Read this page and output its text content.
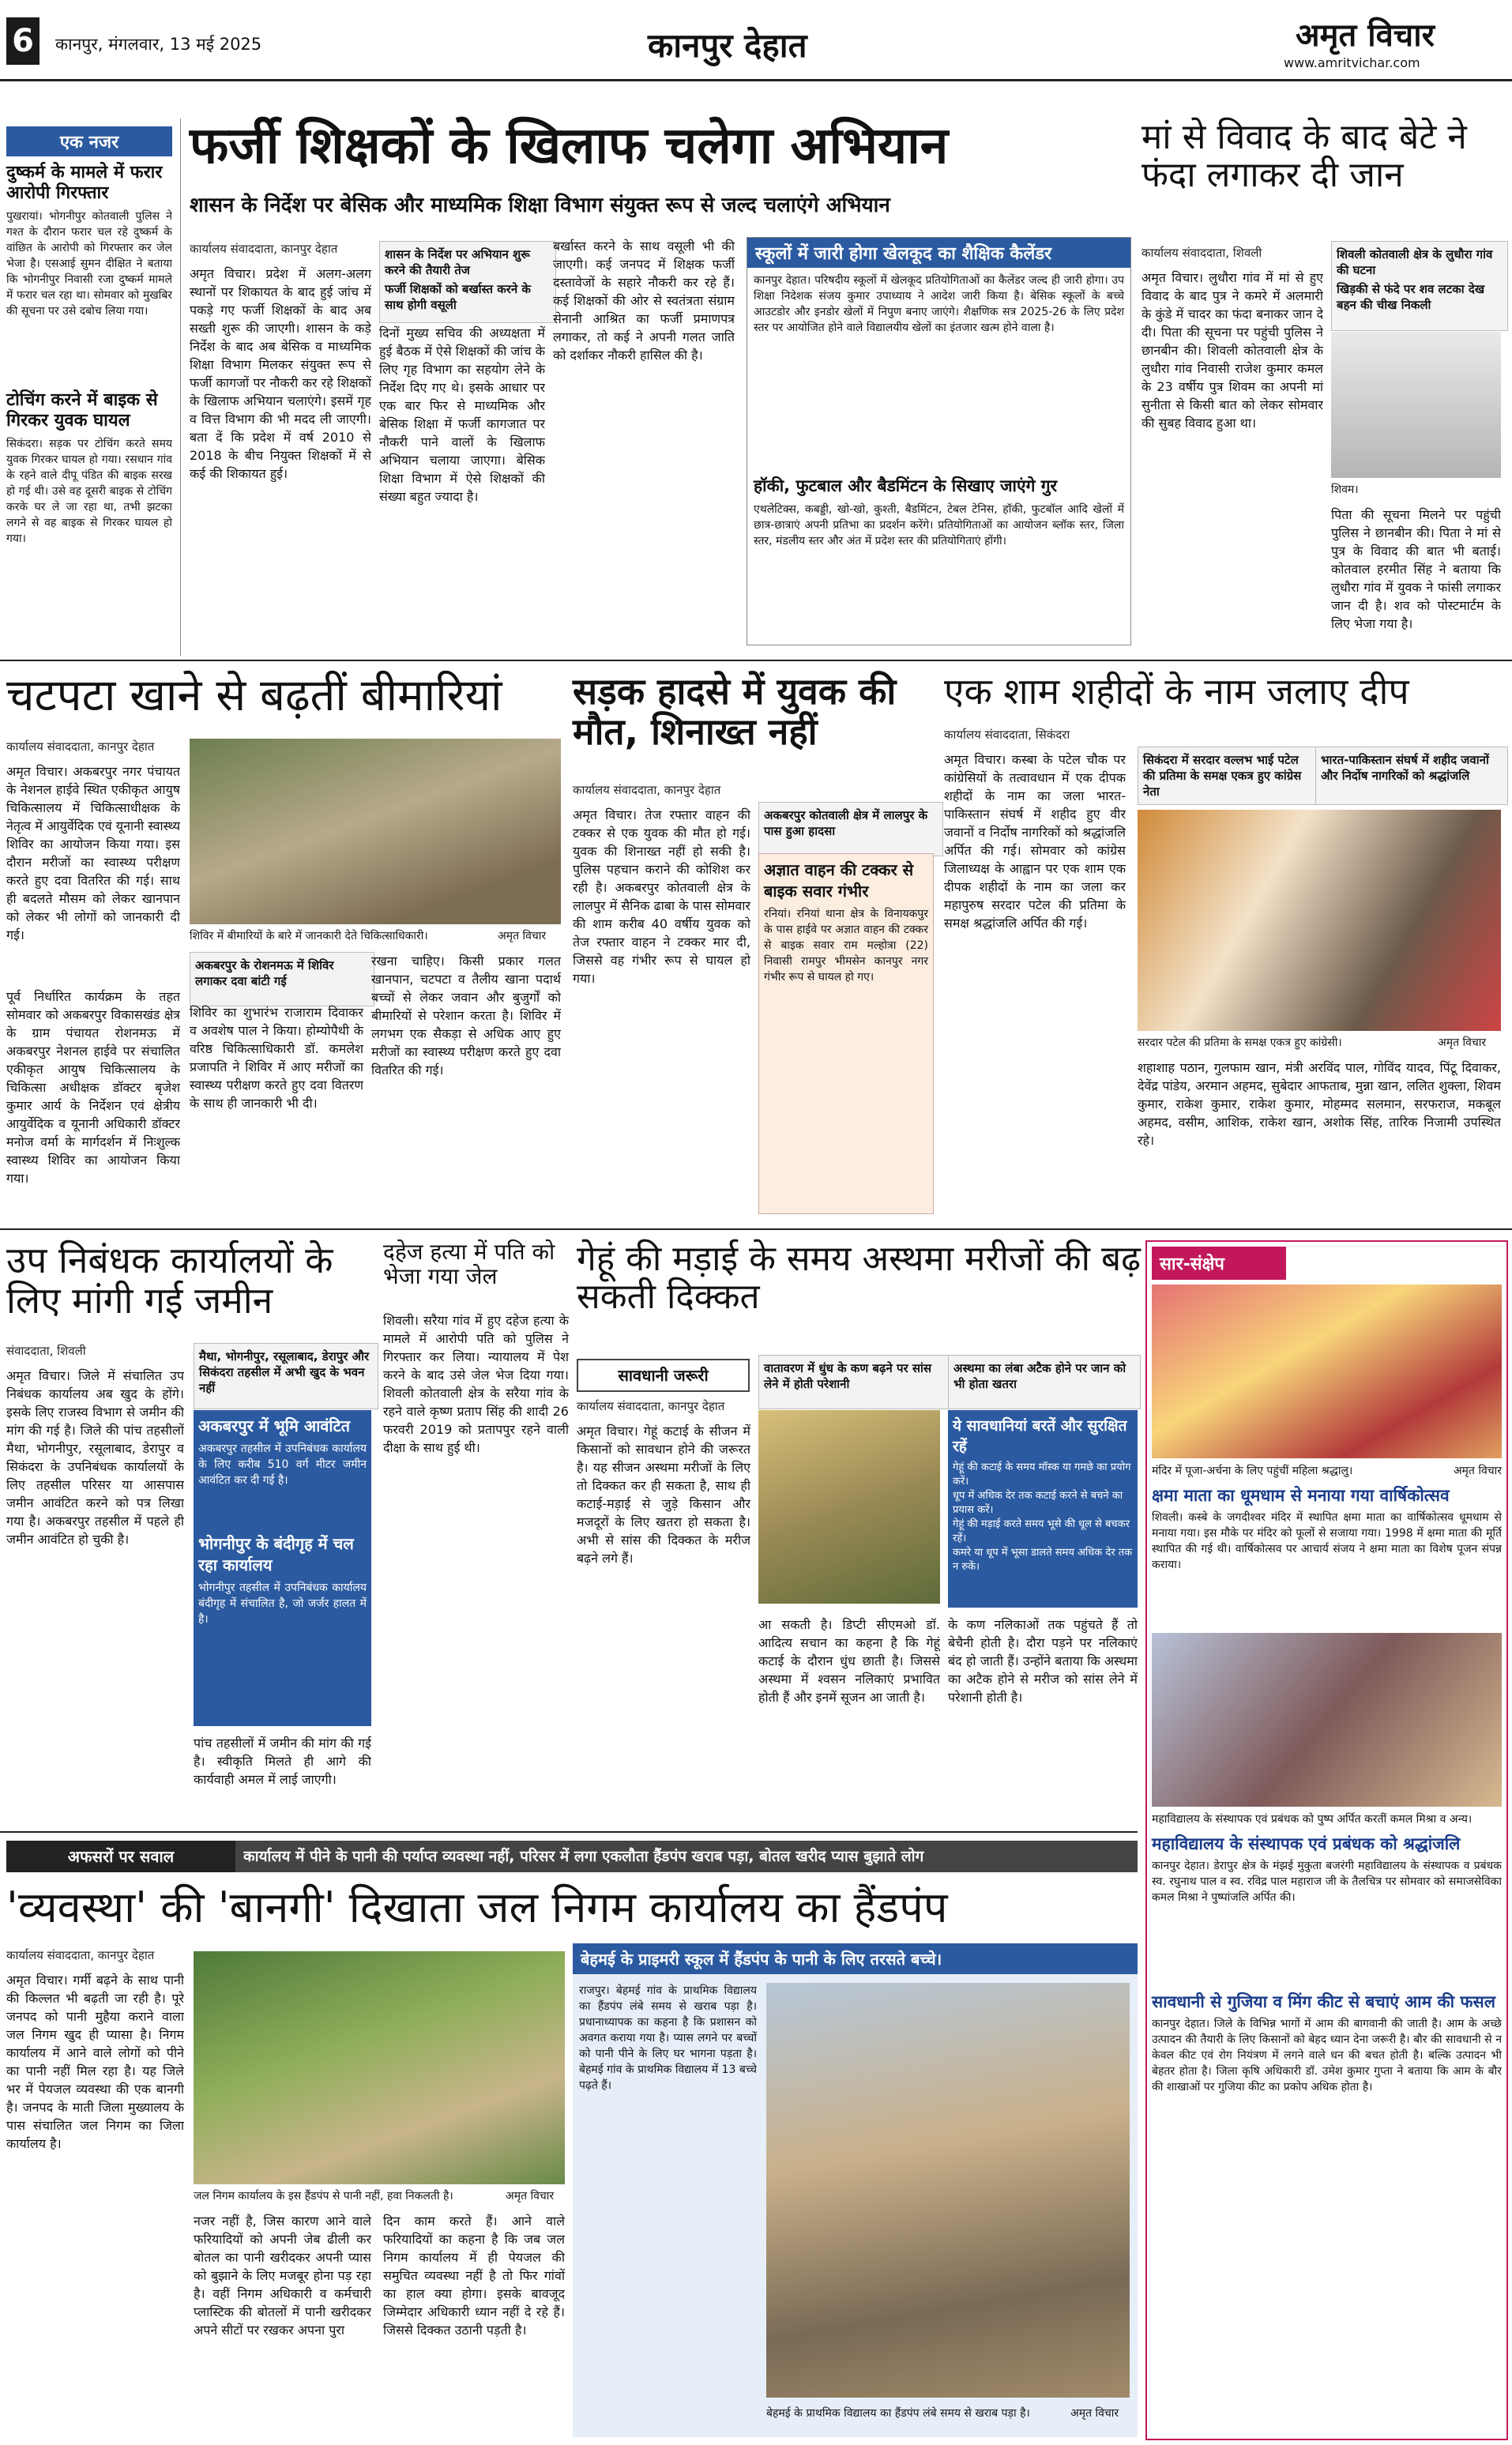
6	कानपुर, मंगलवार, 13 मई 2025	कानपुर देहात	अमृत विचार
www.amritvichar.com
एक नजर
दुष्कर्म के मामले में फरार आरोपी गिरफ्तार
पुखरायां। भोगनीपुर कोतवाली पुलिस ने गश्त के दौरान फरार चल रहे दुष्कर्म के वांछित के आरोपी को गिरफ्तार कर जेल भेजा है। एसआई सुमन दीक्षित ने बताया कि भोगनीपुर निवासी रजा दुष्कर्म मामले में फरार चल रहा था। सोमवार को मुखबिर की सूचना पर उसे दबोच लिया गया।
टोचिंग करने में बाइक से गिरकर युवक घायल
सिकंदरा। सड़क पर टोचिंग करते समय युवक गिरकर घायल हो गया। रसधान गांव के रहने वाले दीपू पंडित की बाइक सरख हो गई थी। उसे वह दूसरी बाइक से टोचिंग करके घर ले जा रहा था, तभी झटका लगने से वह बाइक से गिरकर घायल हो गया।
फर्जी शिक्षकों के खिलाफ चलेगा अभियान
शासन के निर्देश पर बेसिक और माध्यमिक शिक्षा विभाग संयुक्त रूप से जल्द चलाएंगे अभियान
कार्यालय संवाददाता, कानपुर देहात
अमृत विचार। प्रदेश में अलग-अलग स्थानों पर शिकायत के बाद हुई जांच में पकड़े गए फर्जी शिक्षकों के बाद अब सख्ती शुरू की जाएगी। शासन के कड़े निर्देश के बाद अब बेसिक व माध्यमिक शिक्षा विभाग मिलकर संयुक्त रूप से फर्जी कागजों पर नौकरी कर रहे शिक्षकों के खिलाफ अभियान चलाएंगे। इसमें गृह व वित्त विभाग की भी मदद ली जाएगी। बता दें कि प्रदेश में वर्ष 2010 से 2018 के बीच नियुक्त शिक्षकों में से कई की शिकायत हुई।
शासन के निर्देश पर अभियान शुरू करने की तैयारी तेज
फर्जी शिक्षकों को बर्खास्त करने के साथ होगी वसूली
दिनों मुख्य सचिव की अध्यक्षता में हुई बैठक में ऐसे शिक्षकों की जांच के लिए गृह विभाग का सहयोग लेने के निर्देश दिए गए थे। इसके आधार पर एक बार फिर से माध्यमिक और बेसिक शिक्षा में फर्जी कागजात पर नौकरी पाने वालों के खिलाफ अभियान चलाया जाएगा। बेसिक शिक्षा विभाग में ऐसे शिक्षकों की संख्या बहुत ज्यादा है।
बर्खास्त करने के साथ वसूली भी की जाएगी। कई जनपद में शिक्षक फर्जी दस्तावेजों के सहारे नौकरी कर रहे हैं। कई शिक्षकों की ओर से स्वतंत्रता संग्राम सेनानी आश्रित का फर्जी प्रमाणपत्र लगाकर, तो कई ने अपनी गलत जाति को दर्शाकर नौकरी हासिल की है।
स्कूलों में जारी होगा खेलकूद का शैक्षिक कैलेंडर
कानपुर देहात। परिषदीय स्कूलों में खेलकूद प्रतियोगिताओं का कैलेंडर जल्द ही जारी होगा। उप शिक्षा निदेशक संजय कुमार उपाध्याय ने आदेश जारी किया है। बेसिक स्कूलों के बच्चे आउटडोर और इनडोर खेलों में निपुण बनाए जाएंगे। शैक्षणिक सत्र 2025-26 के लिए प्रदेश स्तर पर आयोजित होने वाले विद्यालयीय खेलों का इंतजार खत्म होने वाला है।
हॉकी, फुटबाल और बैडमिंटन के सिखाए जाएंगे गुर
एथलेटिक्स, कबड्डी, खो-खो, कुश्ती, बैडमिंटन, टेबल टेनिस, हॉकी, फुटबॉल आदि खेलों में छात्र-छात्राएं अपनी प्रतिभा का प्रदर्शन करेंगे। प्रतियोगिताओं का आयोजन ब्लॉक स्तर, जिला स्तर, मंडलीय स्तर और अंत में प्रदेश स्तर की प्रतियोगिताएं होंगी।
मां से विवाद के बाद बेटे ने फंदा लगाकर दी जान
कार्यालय संवाददाता, शिवली
अमृत विचार। लुधौरा गांव में मां से हुए विवाद के बाद पुत्र ने कमरे में अलमारी के कुंडे में चादर का फंदा बनाकर जान दे दी। पिता की सूचना पर पहुंची पुलिस ने छानबीन की। शिवली कोतवाली क्षेत्र के लुधौरा गांव निवासी राजेश कुमार कमल के 23 वर्षीय पुत्र शिवम का अपनी मां सुनीता से किसी बात को लेकर सोमवार की सुबह विवाद हुआ था।
शिवली कोतवाली क्षेत्र के लुधौरा गांव की घटना
खिड़की से फंदे पर शव लटका देख बहन की चीख निकली
शिवम।
पिता की सूचना मिलने पर पहुंची पुलिस ने छानबीन की। पिता ने मां से पुत्र के विवाद की बात भी बताई। कोतवाल हरमीत सिंह ने बताया कि लुधौरा गांव में युवक ने फांसी लगाकर जान दी है। शव को पोस्टमार्टम के लिए भेजा गया है।
चटपटा खाने से बढ़तीं बीमारियां
कार्यालय संवाददाता, कानपुर देहात
अमृत विचार। अकबरपुर नगर पंचायत के नेशनल हाईवे स्थित एकीकृत आयुष चिकित्सालय में चिकित्साधीक्षक के नेतृत्व में आयुर्वेदिक एवं यूनानी स्वास्थ्य शिविर का आयोजन किया गया। इस दौरान मरीजों का स्वास्थ्य परीक्षण करते हुए दवा वितरित की गई। साथ ही बदलते मौसम को लेकर खानपान को लेकर भी लोगों को जानकारी दी गई।
पूर्व निर्धारित कार्यक्रम के तहत सोमवार को अकबरपुर विकासखंड क्षेत्र के ग्राम पंचायत रोशनमऊ में अकबरपुर नेशनल हाईवे पर संचालित एकीकृत आयुष चिकित्सालय के चिकित्सा अधीक्षक डॉक्टर बृजेश कुमार आर्य के निर्देशन एवं क्षेत्रीय आयुर्वेदिक व यूनानी अधिकारी डॉक्टर मनोज वर्मा के मार्गदर्शन में निःशुल्क स्वास्थ्य शिविर का आयोजन किया गया।
शिविर में बीमारियों के बारे में जानकारी देते चिकित्साधिकारी।	अमृत विचार
अकबरपुर के रोशनमऊ में शिविर लगाकर दवा बांटी गई
शिविर का शुभारंभ राजाराम दिवाकर व अवशेष पाल ने किया। होम्योपैथी के वरिष्ठ चिकित्साधिकारी डॉ. कमलेश प्रजापति ने शिविर में आए मरीजों का स्वास्थ्य परीक्षण करते हुए दवा वितरण के साथ ही जानकारी भी दी।
रखना चाहिए। किसी प्रकार गलत खानपान, चटपटा व तैलीय खाना पदार्थ बच्चों से लेकर जवान और बुजुर्गों को बीमारियों से परेशान करता है। शिविर में लगभग एक सैकड़ा से अधिक आए हुए मरीजों का स्वास्थ्य परीक्षण करते हुए दवा वितरित की गई।
सड़क हादसे में युवक की मौत, शिनाख्त नहीं
कार्यालय संवाददाता, कानपुर देहात
अकबरपुर कोतवाली क्षेत्र में लालपुर के पास हुआ हादसा
अमृत विचार। तेज रफ्तार वाहन की टक्कर से एक युवक की मौत हो गई। युवक की शिनाख्त नहीं हो सकी है। पुलिस पहचान कराने की कोशिश कर रही है। अकबरपुर कोतवाली क्षेत्र के लालपुर में सैनिक ढाबा के पास सोमवार की शाम करीब 40 वर्षीय युवक को तेज रफ्तार वाहन ने टक्कर मार दी, जिससे वह गंभीर रूप से घायल हो गया।
अज्ञात वाहन की टक्कर से बाइक सवार गंभीर
रनियां। रनियां थाना क्षेत्र के विनायकपुर के पास हाईवे पर अज्ञात वाहन की टक्कर से बाइक सवार राम मल्होत्रा (22) निवासी रामपुर भीमसेन कानपुर नगर गंभीर रूप से घायल हो गए।
एक शाम शहीदों के नाम जलाए दीप
कार्यालय संवाददाता, सिकंदरा
अमृत विचार। कस्बा के पटेल चौक पर कांग्रेसियों के तत्वावधान में एक दीपक शहीदों के नाम का जला भारत-पाकिस्तान संघर्ष में शहीद हुए वीर जवानों व निर्दोष नागरिकों को श्रद्धांजलि अर्पित की गई। सोमवार को कांग्रेस जिलाध्यक्ष के आह्वान पर एक शाम एक दीपक शहीदों के नाम का जला कर महापुरुष सरदार पटेल की प्रतिमा के समक्ष श्रद्धांजलि अर्पित की गई।
सिकंदरा में सरदार वल्लभ भाई पटेल की प्रतिमा के समक्ष एकत्र हुए कांग्रेस नेता
भारत-पाकिस्तान संघर्ष में शहीद जवानों और निर्दोष नागरिकों को श्रद्धांजलि
सरदार पटेल की प्रतिमा के समक्ष एकत्र हुए कांग्रेसी।	अमृत विचार
शहाशाह पठान, गुलफाम खान, मंत्री अरविंद पाल, गोविंद यादव, पिंटू दिवाकर, देवेंद्र पांडेय, अरमान अहमद, सुबेदार आफताब, मुन्ना खान, ललित शुक्ला, शिवम कुमार, राकेश कुमार, राकेश कुमार, मोहम्मद सलमान, सरफराज, मकबूल अहमद, वसीम, आशिक, राकेश खान, अशोक सिंह, तारिक निजामी उपस्थित रहे।
उप निबंधक कार्यालयों के लिए मांगी गई जमीन
संवाददाता, शिवली
अमृत विचार। जिले में संचालित उप निबंधक कार्यालय अब खुद के होंगे। इसके लिए राजस्व विभाग से जमीन की मांग की गई है। जिले की पांच तहसीलों मैथा, भोगनीपुर, रसूलाबाद, डेरापुर व सिकंदरा के उपनिबंधक कार्यालयों के लिए तहसील परिसर या आसपास जमीन आवंटित करने को पत्र लिखा गया है। अकबरपुर तहसील में पहले ही जमीन आवंटित हो चुकी है।
मैथा, भोगनीपुर, रसूलाबाद, डेरापुर और सिकंदरा तहसील में अभी खुद के भवन नहीं
अकबरपुर में भूमि आवंटित
अकबरपुर तहसील में उपनिबंधक कार्यालय के लिए करीब 510 वर्ग मीटर जमीन आवंटित कर दी गई है।
भोगनीपुर के बंदीगृह में चल रहा कार्यालय
भोगनीपुर तहसील में उपनिबंधक कार्यालय बंदीगृह में संचालित है, जो जर्जर हालत में है।
पांच तहसीलों में जमीन की मांग की गई है। स्वीकृति मिलते ही आगे की कार्यवाही अमल में लाई जाएगी।
दहेज हत्या में पति को भेजा गया जेल
शिवली। सरैया गांव में हुए दहेज हत्या के मामले में आरोपी पति को पुलिस ने गिरफ्तार कर लिया। न्यायालय में पेश करने के बाद उसे जेल भेज दिया गया। शिवली कोतवाली क्षेत्र के सरैया गांव के रहने वाले कृष्ण प्रताप सिंह की शादी 26 फरवरी 2019 को प्रतापपुर रहने वाली दीक्षा के साथ हुई थी।
गेहूं की मड़ाई के समय अस्थमा मरीजों की बढ़ सकती दिक्कत
सावधानी जरूरी
कार्यालय संवाददाता, कानपुर देहात
वातावरण में धुंध के कण बढ़ने पर सांस लेने में होती परेशानी
अस्थमा का लंबा अटैक होने पर जान को भी होता खतरा
अमृत विचार। गेहूं कटाई के सीजन में किसानों को सावधान होने की जरूरत है। यह सीजन अस्थमा मरीजों के लिए तो दिक्कत कर ही सकता है, साथ ही कटाई-मड़ाई से जुड़े किसान और मजदूरों के लिए खतरा हो सकता है। अभी से सांस की दिक्कत के मरीज बढ़ने लगे हैं।
ये सावधानियां बरतें और सुरक्षित रहें
गेहूं की कटाई के समय मॉस्क या गमछे का प्रयोग करें।
धूप में अधिक देर तक कटाई करने से बचने का प्रयास करें।
गेहूं की मड़ाई करते समय भूसे की धूल से बचकर रहें।
कमरे या धूप में भूसा डालते समय अधिक देर तक न रुकें।
आ सकती है। डिप्टी सीएमओ डॉ. आदित्य सचान का कहना है कि गेहूं कटाई के दौरान धुंध छाती है। जिससे अस्थमा में श्वसन नलिकाएं प्रभावित होती हैं और इनमें सूजन आ जाती है।
के कण नलिकाओं तक पहुंचते हैं तो बेचैनी होती है। दौरा पड़ने पर नलिकाएं बंद हो जाती हैं। उन्होंने बताया कि अस्थमा का अटैक होने से मरीज को सांस लेने में परेशानी होती है।
सार-संक्षेप
मंदिर में पूजा-अर्चना के लिए पहुंचीं महिला श्रद्धालु।	अमृत विचार
क्षमा माता का धूमधाम से मनाया गया वार्षिकोत्सव
शिवली। कस्बे के जगदीश्वर मंदिर में स्थापित क्षमा माता का वार्षिकोत्सव धूमधाम से मनाया गया। इस मौके पर मंदिर को फूलों से सजाया गया। 1998 में क्षमा माता की मूर्ति स्थापित की गई थी। वार्षिकोत्सव पर आचार्य संजय ने क्षमा माता का विशेष पूजन संपन्न कराया।
महाविद्यालय के संस्थापक एवं प्रबंधक को पुष्प अर्पित करतीं कमल मिश्रा व अन्य।
महाविद्यालय के संस्थापक एवं प्रबंधक को श्रद्धांजलि
कानपुर देहात। डेरापुर क्षेत्र के मंझई मुकुता बजरंगी महाविद्यालय के संस्थापक व प्रबंधक स्व. रघुनाथ पाल व स्व. रविद्र पाल महाराज जी के तैलचित्र पर सोमवार को समाजसेविका कमल मिश्रा ने पुष्पांजलि अर्पित की।
सावधानी से गुजिया व मिंग कीट से बचाएं आम की फसल
कानपुर देहात। जिले के विभिन्न भागों में आम की बागवानी की जाती है। आम के अच्छे उत्पादन की तैयारी के लिए किसानों को बेहद ध्यान देना जरूरी है। बौर की सावधानी से न केवल कीट एवं रोग नियंत्रण में लगने वाले धन की बचत होती है। बल्कि उत्पादन भी बेहतर होता है। जिला कृषि अधिकारी डॉ. उमेश कुमार गुप्ता ने बताया कि आम के बौर की शाखाओं पर गुजिया कीट का प्रकोप अधिक होता है।
अफसरों पर सवाल	कार्यालय में पीने के पानी की पर्याप्त व्यवस्था नहीं, परिसर में लगा एकलौता हैंडपंप खराब पड़ा, बोतल खरीद प्यास बुझाते लोग
'व्यवस्था' की 'बानगी' दिखाता जल निगम कार्यालय का हैंडपंप
कार्यालय संवाददाता, कानपुर देहात
अमृत विचार। गर्मी बढ़ने के साथ पानी की किल्लत भी बढ़ती जा रही है। पूरे जनपद को पानी मुहैया कराने वाला जल निगम खुद ही प्यासा है। निगम कार्यालय में आने वाले लोगों को पीने का पानी नहीं मिल रहा है। यह जिले भर में पेयजल व्यवस्था की एक बानगी है। जनपद के माती जिला मुख्यालय के पास संचालित जल निगम का जिला कार्यालय है।
जल निगम कार्यालय के इस हैंडपंप से पानी नहीं, हवा निकलती है।	अमृत विचार
नजर नहीं है, जिस कारण आने वाले फरियादियों को अपनी जेब ढीली कर बोतल का पानी खरीदकर अपनी प्यास को बुझाने के लिए मजबूर होना पड़ रहा है। वहीं निगम अधिकारी व कर्मचारी प्लास्टिक की बोतलों में पानी खरीदकर अपने सीटों पर रखकर अपना पुरा
दिन काम करते हैं। आने वाले फरियादियों का कहना है कि जब जल निगम कार्यालय में ही पेयजल की समुचित व्यवस्था नहीं है तो फिर गांवों का हाल क्या होगा। इसके बावजूद जिम्मेदार अधिकारी ध्यान नहीं दे रहे हैं। जिससे दिक्कत उठानी पड़ती है।
बेहमई के प्राइमरी स्कूल में हैंडपंप के पानी के लिए तरसते बच्चे।
राजपुर। बेहमई गांव के प्राथमिक विद्यालय का हैंडपंप लंबे समय से खराब पड़ा है। प्रधानाध्यापक का कहना है कि प्रशासन को अवगत कराया गया है। प्यास लगने पर बच्चों को पानी पीने के लिए घर भागना पड़ता है। बेहमई गांव के प्राथमिक विद्यालय में 13 बच्चे पढ़ते हैं।
बेहमई के प्राथमिक विद्यालय का हैंडपंप लंबे समय से खराब पड़ा है।	अमृत विचार
